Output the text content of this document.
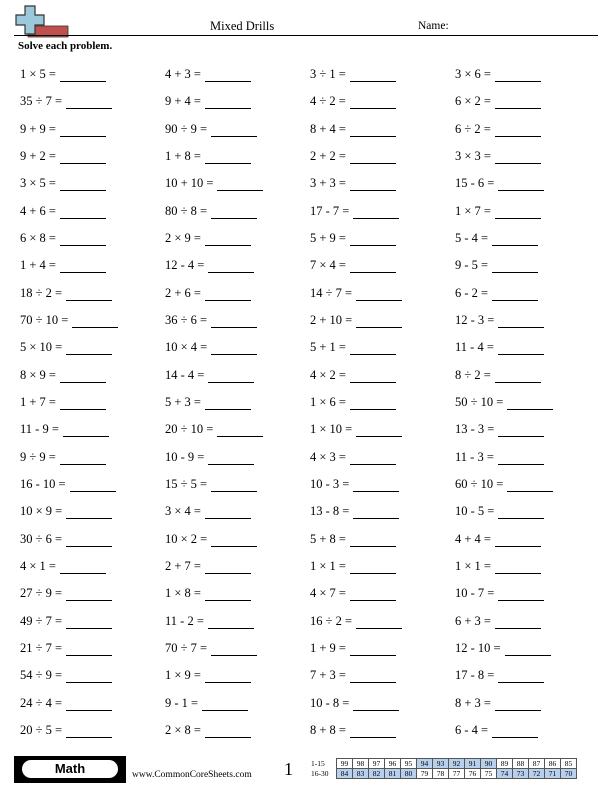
Mixed Drills	Name:
Solve each problem.
1 × 5 =	4 + 3 =	3 ÷ 1 =	3 × 6 =
35 ÷ 7 =	9 + 4 =	4 ÷ 2 =	6 × 2 =
9 + 9 =	90 ÷ 9 =	8 + 4 =	6 ÷ 2 =
9 + 2 =	1 + 8 =	2 + 2 =	3 × 3 =
3 × 5 =	10 + 10 =	3 + 3 =	15 - 6 =
4 + 6 =	80 ÷ 8 =	17 - 7 =	1 × 7 =
6 × 8 =	2 × 9 =	5 + 9 =	5 - 4 =
1 + 4 =	12 - 4 =	7 × 4 =	9 - 5 =
18 ÷ 2 =	2 + 6 =	14 ÷ 7 =	6 - 2 =
70 ÷ 10 =	36 ÷ 6 =	2 + 10 =	12 - 3 =
5 × 10 =	10 × 4 =	5 + 1 =	11 - 4 =
8 × 9 =	14 - 4 =	4 × 2 =	8 ÷ 2 =
1 + 7 =	5 + 3 =	1 × 6 =	50 ÷ 10 =
11 - 9 =	20 ÷ 10 =	1 × 10 =	13 - 3 =
9 ÷ 9 =	10 - 9 =	4 × 3 =	11 - 3 =
16 - 10 =	15 ÷ 5 =	10 - 3 =	60 ÷ 10 =
10 × 9 =	3 × 4 =	13 - 8 =	10 - 5 =
30 ÷ 6 =	10 × 2 =	5 + 8 =	4 + 4 =
4 × 1 =	2 + 7 =	1 × 1 =	1 × 1 =
27 ÷ 9 =	1 × 8 =	4 × 7 =	10 - 7 =
49 ÷ 7 =	11 - 2 =	16 ÷ 2 =	6 + 3 =
21 ÷ 7 =	70 ÷ 7 =	1 + 9 =	12 - 10 =
54 ÷ 9 =	1 × 9 =	7 + 3 =	17 - 8 =
24 ÷ 4 =	9 - 1 =	10 - 8 =	8 + 3 =
20 ÷ 5 =	2 × 8 =	8 + 8 =	6 - 4 =
Math	www.CommonCoreSheets.com 1 1-15	99	98	97	96	95	94	93	92	91	90	89	88	87	86	85
16-30	84	83	82	81	80	79	78	77	76	75	74	73	72	71	70
